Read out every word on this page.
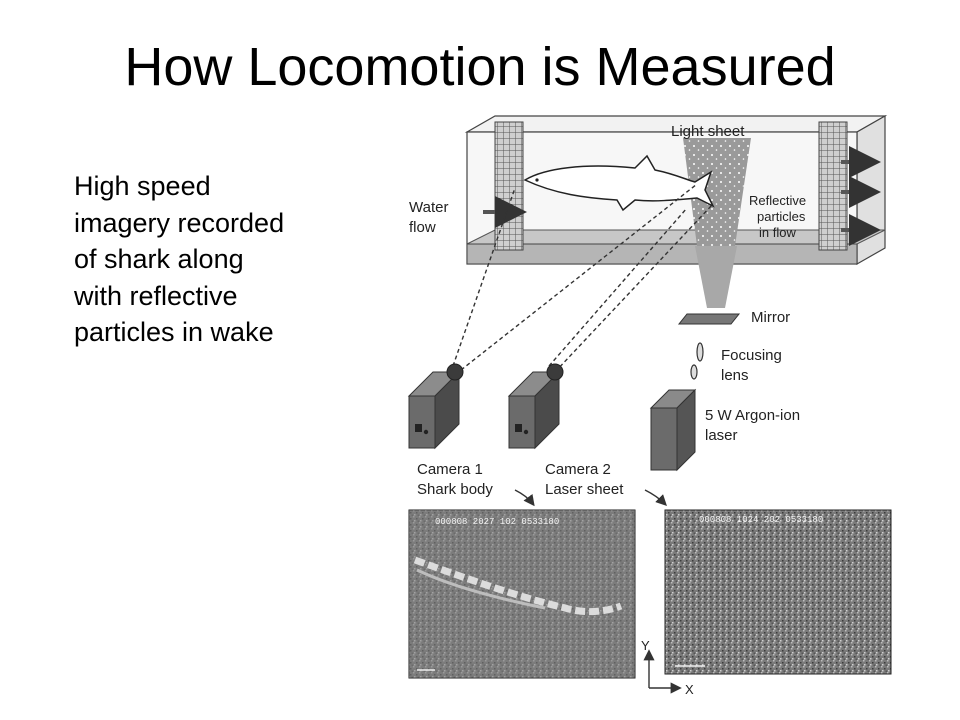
How Locomotion is Measured
High speed
imagery recorded
of shark along
with reflective
particles in wake
Light sheet
Water
flow
Reflective
particles
in flow
Mirror
Focusing
lens
5 W Argon-ion
laser
Camera 1
Shark body
Camera 2
Laser sheet
000808 2027 102 0533180	000808 1024 202 0533180
Y
X
